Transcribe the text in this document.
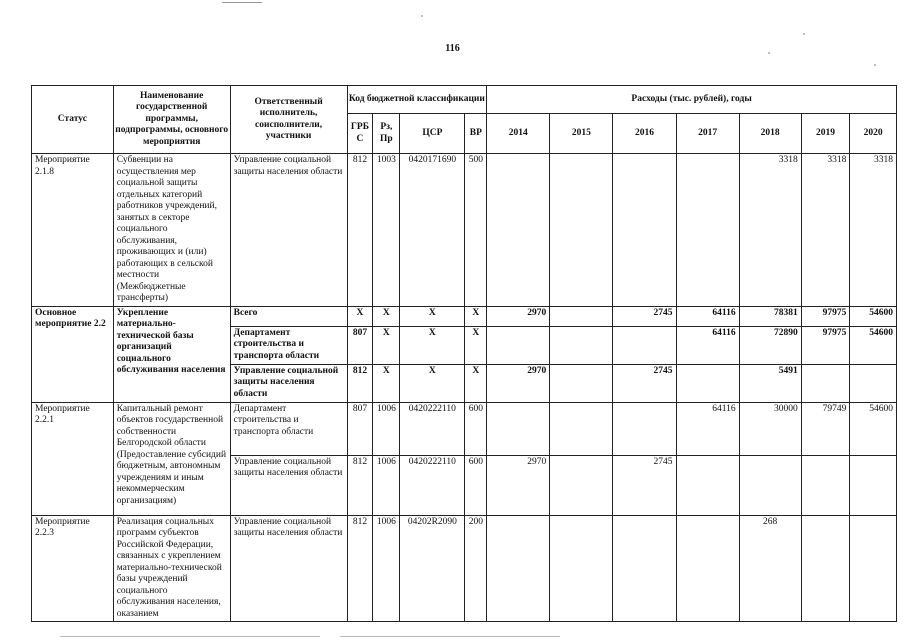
116
Статус	Наименование государственной программы, подпрограммы, основного мероприятия	Ответственный исполнитель, соисполнители, участники	Код бюджетной классификации				Расходы (тыс. рублей), годы						
			ГРБ С	Рз, Пр	ЦСР	ВР	2014	2015	2016	2017	2018	2019	2020
Мероприятие 2.1.8	Субвенции на осуществления мер социальной защиты отдельных категорий работников учреждений, занятых в секторе социального обслуживания, проживающих и (или) работающих в сельской местности (Межбюджетные трансферты)	Управление социальной защиты населения области	812	1003	0420171690	500					3318	3318	3318
Основное мероприятие 2.2	Укрепление материально-технической базы организаций социального обслуживания населения	Всего	Х	Х	Х	Х	2970		2745	64116	78381	97975	54600
		Департамент строительства и транспорта области	807	Х	Х	Х				64116	72890	97975	54600
		Управление социальной защиты населения области	812	Х	Х	Х	2970		2745		5491		
Мероприятие 2.2.1	Капитальный ремонт объектов государственной собственности Белгородской области (Предоставление субсидий бюджетным, автономным учреждениям и иным некоммерческим организациям)	Департамент строительства и транспорта области	807	1006	0420222110	600				64116	30000	79749	54600
		Управление социальной защиты населения области	812	1006	0420222110	600	2970		2745				
Мероприятие 2.2.3	Реализация социальных программ субъектов Российской Федерации, связанных с укреплением материально-технической базы учреждений социального обслуживания населения, оказанием	Управление социальной защиты населения области	812	1006	04202R2090	200					268		
